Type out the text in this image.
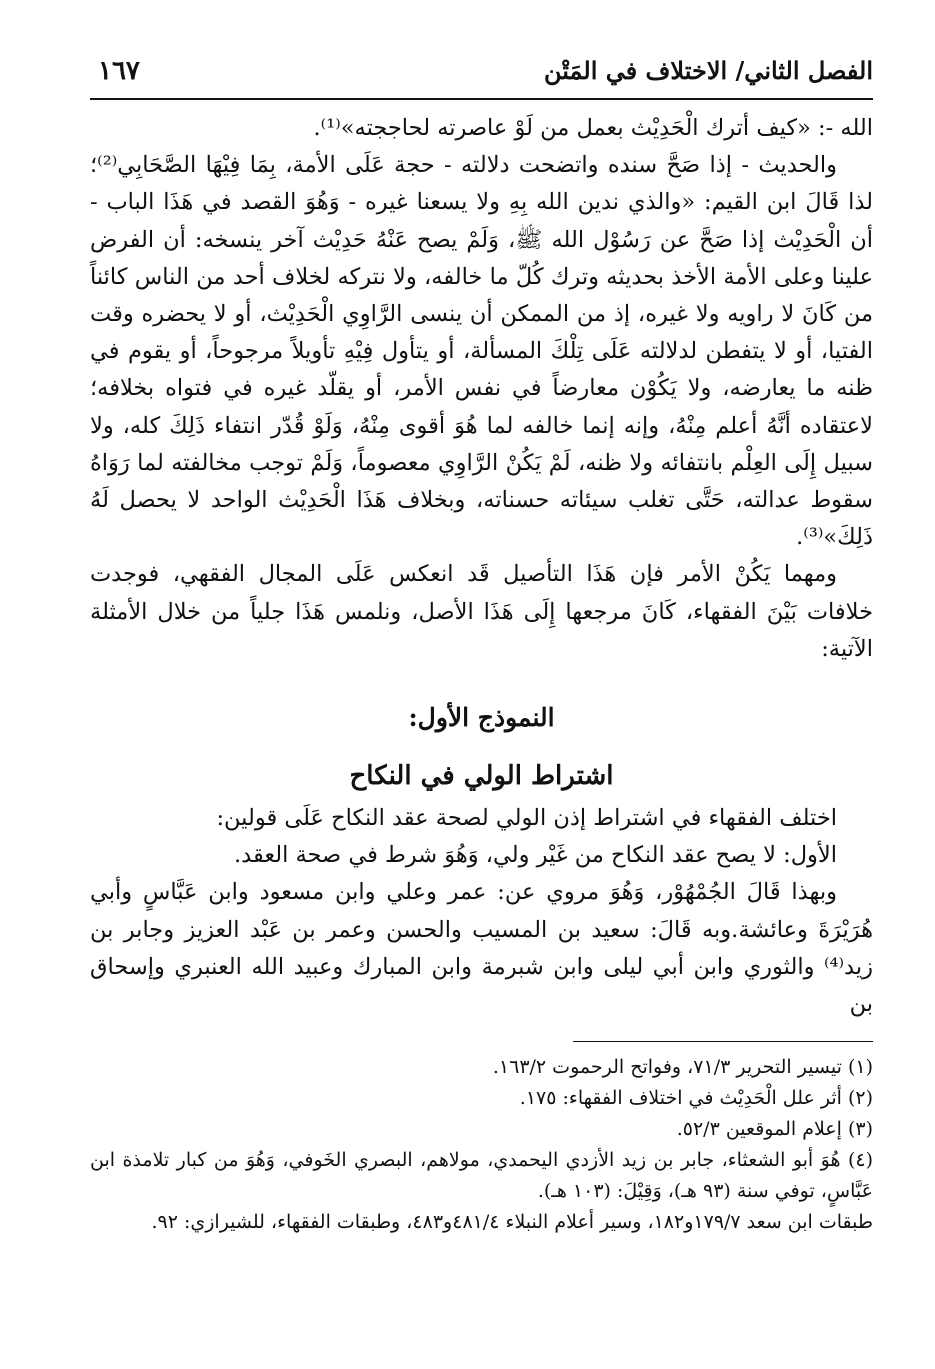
الفصل الثاني/ الاختلاف في المَتْن
١٦٧

الله -: «كيف أترك الْحَدِيْث بعمل من لَوْ عاصرته لحاججته»⁽¹⁾.

والحديث - إذا صَحَّ سنده واتضحت دلالته - حجة عَلَى الأمة، بِمَا فِيْهَا الصَّحَابِي⁽²⁾؛ لذا قَالَ ابن القيم: «والذي ندين الله بِهِ ولا يسعنا غيره - وَهُوَ القصد في هَذَا الباب - أن الْحَدِيْث إذا صَحَّ عن رَسُوْل الله ﷺ، وَلَمْ يصح عَنْهُ حَدِيْث آخر ينسخه: أن الفرض علينا وعلى الأمة الأخذ بحديثه وترك كُلّ ما خالفه، ولا نتركه لخلاف أحد من الناس كائناً من كَانَ لا راويه ولا غيره، إذ من الممكن أن ينسى الرَّاوِي الْحَدِيْث، أو لا يحضره وقت الفتيا، أو لا يتفطن لدلالته عَلَى تِلْكَ المسألة، أو يتأول فِيْهِ تأويلاً مرجوحاً، أو يقوم في ظنه ما يعارضه، ولا يَكُوْن معارضاً في نفس الأمر، أو يقلّد غيره في فتواه بخلافه؛ لاعتقاده أنَّهُ أعلم مِنْهُ، وإنه إنما خالفه لما هُوَ أقوى مِنْهُ، وَلَوْ قُدّر انتفاء ذَلِكَ كله، ولا سبيل إِلَى العِلْم بانتفائه ولا ظنه، لَمْ يَكُنْ الرَّاوِي معصوماً، وَلَمْ توجب مخالفته لما رَوَاهُ سقوط عدالته، حَتَّى تغلب سيئاته حسناته، وبخلاف هَذَا الْحَدِيْث الواحد لا يحصل لَهُ ذَلِكَ»⁽³⁾.

ومهما يَكُنْ الأمر فإن هَذَا التأصيل قَد انعكس عَلَى المجال الفقهي، فوجدت خلافات بَيْنَ الفقهاء، كَانَ مرجعها إِلَى هَذَا الأصل، ونلمس هَذَا جلياً من خلال الأمثلة الآتية:

النموذج الأول:
اشتراط الولي في النكاح

اختلف الفقهاء في اشتراط إذن الولي لصحة عقد النكاح عَلَى قولين:

الأول: لا يصح عقد النكاح من غَيْر ولي، وَهُوَ شرط في صحة العقد.

وبهذا قَالَ الجُمْهُوْر، وَهُوَ مروي عن: عمر وعلي وابن مسعود وابن عَبَّاسٍ وأبي هُرَيْرَةَ وعائشة.وبه قَالَ: سعيد بن المسيب والحسن وعمر بن عَبْد العزيز وجابر بن زيد⁽⁴⁾ والثوري وابن أبي ليلى وابن شبرمة وابن المبارك وعبيد الله العنبري وإسحاق بن

(١) تيسير التحرير ٧١/٣، وفواتح الرحموت ١٦٣/٢.

(٢) أثر علل الْحَدِيْث في اختلاف الفقهاء: ١٧٥.

(٣) إعلام الموقعين ٥٢/٣.

(٤) هُوَ أبو الشعثاء، جابر بن زيد الأزدي اليحمدي، مولاهم، البصري الخَوفي، وَهُوَ من كبار تلامذة ابن عَبَّاسٍ، توفي سنة (٩٣ هـ)، وَقِيْلَ: (١٠٣ هـ).

طبقات ابن سعد ١٧٩/٧و١٨٢، وسير أعلام النبلاء ٤٨١/٤و٤٨٣، وطبقات الفقهاء، للشيرازي: ٩٢.
